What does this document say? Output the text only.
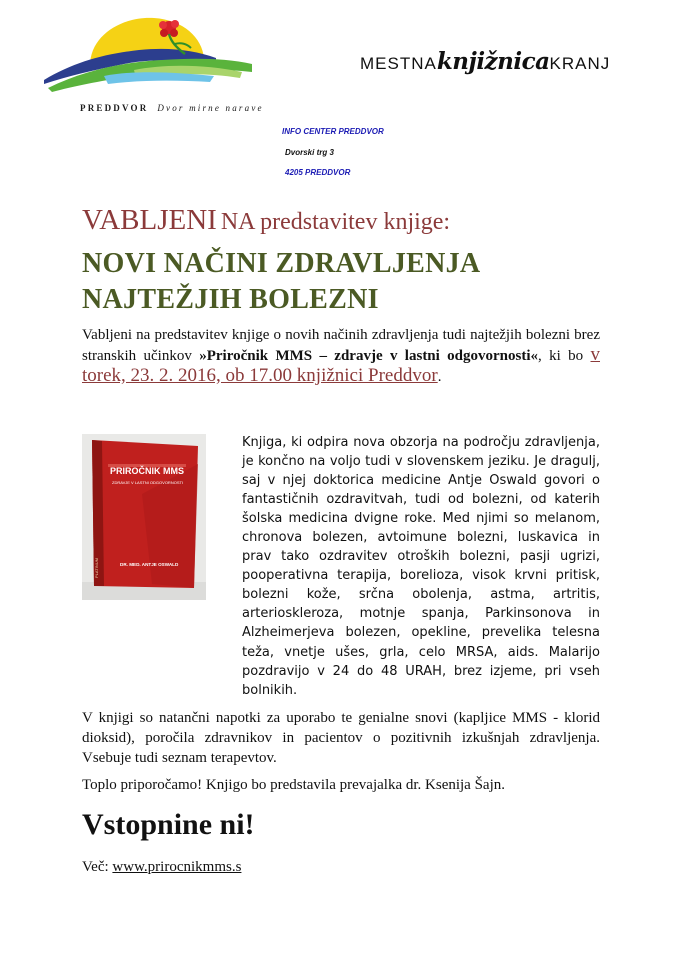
PREDDVOR Dvor mirne narave
MESTNAknjižnicaKRANJ
INFO CENTER PREDDVOR
Dvorski trg 3
4205 PREDDVOR
VABLJENI NA predstavitev knjige:
NOVI NAČINI ZDRAVLJENJA
NAJTEŽJIH BOLEZNI
Vabljeni na predstavitev knjige o novih načinih zdravljenja tudi najtežjih bolezni brez stranskih učinkov »Priročnik MMS – zdravje v lastni odgovornosti«, ki bo v torek, 23. 2. 2016, ob 17.00 knjižnici Preddvor.
PRIROČNIK MMS
ZDRAVJE V LASTNI ODGOVORNOSTI
DR. MED. ANTJE OSWALD
PLATINUM
Knjiga, ki odpira nova obzorja na področju zdravljenja, je končno na voljo tudi v slovenskem jeziku. Je dragulj, saj v njej doktorica medicine Antje Oswald govori o fantastičnih ozdravitvah, tudi od bolezni, od katerih šolska medicina dvigne roke. Med njimi so melanom, chronova bolezen, avtoimune bolezni, luskavica in prav tako ozdravitev otroških bolezni, pasji ugrizi, pooperativna terapija, borelioza, visok krvni pritisk, bolezni kože, srčna obolenja, astma, artritis, arterioskleroza, motnje spanja, Parkinsonova in Alzheimerjeva bolezen, opekline, prevelika telesna teža, vnetje ušes, grla, celo MRSA, aids. Malarijo pozdravijo v 24 do 48 URAH, brez izjeme, pri vseh bolnikih.
V knjigi so natančni napotki za uporabo te genialne snovi (kapljice MMS - klorid dioksid), poročila zdravnikov in pacientov o pozitivnih izkušnjah zdravljenja. Vsebuje tudi seznam terapevtov.
Toplo priporočamo! Knjigo bo predstavila prevajalka dr. Ksenija Šajn.
Vstopnine ni!
Več: www.prirocnikmms.s
